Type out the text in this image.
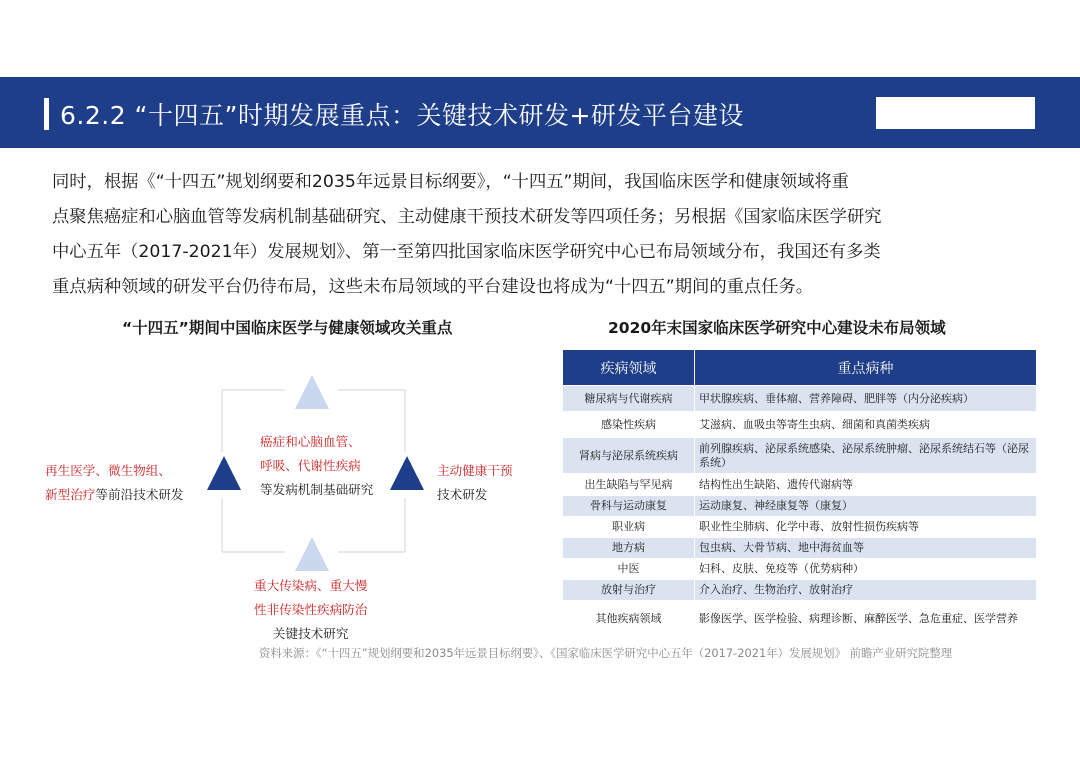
6.2.2 “十四五”时期发展重点：关键技术研发+研发平台建设

同时，根据《“十四五”规划纲要和2035年远景目标纲要》，“十四五”期间，我国临床医学和健康领域将重

点聚焦癌症和心脑血管等发病机制基础研究、主动健康干预技术研发等四项任务；另根据《国家临床医学研究

中心五年（2017-2021年）发展规划》、第一至第四批国家临床医学研究中心已布局领域分布，我国还有多类

重点病种领域的研发平台仍待布局，这些未布局领域的平台建设也将成为“十四五”期间的重点任务。

“十四五”期间中国临床医学与健康领域攻关重点	2020年末国家临床医学研究中心建设未布局领域
癌症和心脑血管、
呼吸、代谢性疾病
等发病机制基础研究
再生医学、微生物组、
新型治疗等前沿技术研发
主动健康干预
技术研发
重大传染病、重大慢
性非传染性疾病防治
关键技术研究
疾病领域	重点病种
糖尿病与代谢疾病	甲状腺疾病、垂体瘤、营养障碍、肥胖等（内分泌疾病）
感染性疾病	艾滋病、血吸虫等寄生虫病、细菌和真菌类疾病
肾病与泌尿系统疾病	前列腺疾病、泌尿系统感染、泌尿系统肿瘤、泌尿系统结石等（泌尿系统）
出生缺陷与罕见病	结构性出生缺陷、遗传代谢病等
骨科与运动康复	运动康复、神经康复等（康复）
职业病	职业性尘肺病、化学中毒、放射性损伤疾病等
地方病	包虫病、大骨节病、地中海贫血等
中医	妇科、皮肤、免疫等（优势病种）
放射与治疗	介入治疗、生物治疗、放射治疗
其他疾病领域	影像医学、医学检验、病理诊断、麻醉医学、急危重症、医学营养
资料来源：《“十四五”规划纲要和2035年远景目标纲要》、《国家临床医学研究中心五年（2017-2021年）发展规划》 前瞻产业研究院整理
